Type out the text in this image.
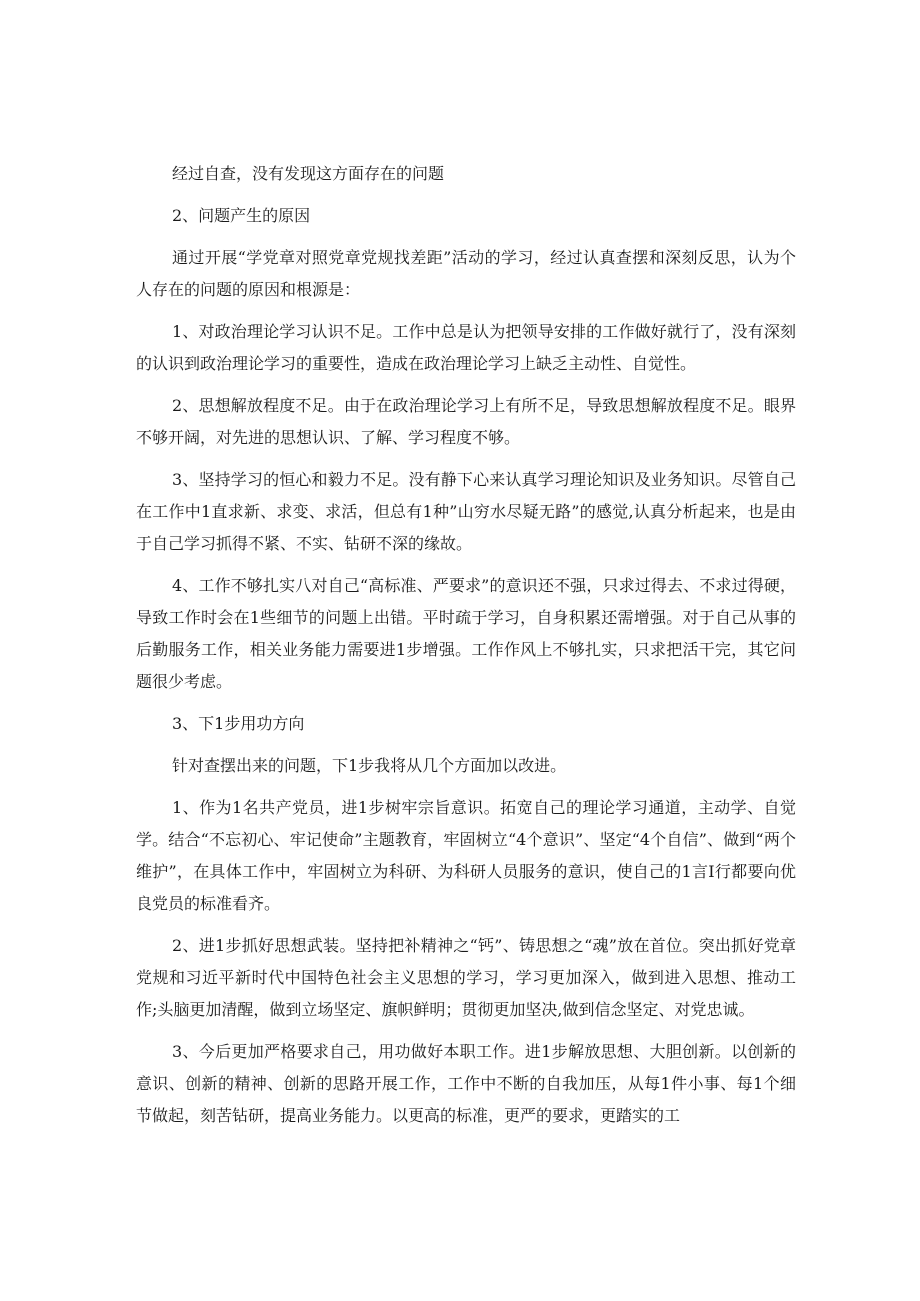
经过自查，没有发现这方面存在的问题

2、问题产生的原因

通过开展“学党章对照党章党规找差距”活动的学习，经过认真查摆和深刻反思，认为个人存在的问题的原因和根源是：

1、对政治理论学习认识不足。工作中总是认为把领导安排的工作做好就行了，没有深刻的认识到政治理论学习的重要性，造成在政治理论学习上缺乏主动性、自觉性。

2、思想解放程度不足。由于在政治理论学习上有所不足，导致思想解放程度不足。眼界不够开阔，对先进的思想认识、了解、学习程度不够。

3、坚持学习的恒心和毅力不足。没有静下心来认真学习理论知识及业务知识。尽管自己在工作中1直求新、求变、求活，但总有1种”山穷水尽疑无路”的感觉,认真分析起来，也是由于自己学习抓得不紧、不实、钻研不深的缘故。

4、工作不够扎实八对自己“高标准、严要求”的意识还不强，只求过得去、不求过得硬，导致工作时会在1些细节的问题上出错。平时疏于学习，自身积累还需增强。对于自己从事的后勤服务工作，相关业务能力需要进1步增强。工作作风上不够扎实，只求把活干完，其它问题很少考虑。

3、下1步用功方向

针对查摆出来的问题，下1步我将从几个方面加以改进。

1、作为1名共产党员，进1步树牢宗旨意识。拓宽自己的理论学习通道，主动学、自觉学。结合“不忘初心、牢记使命”主题教育，牢固树立“4个意识”、坚定“4个自信”、做到“两个维护”，在具体工作中，牢固树立为科研、为科研人员服务的意识，使自己的1言Ⅰ行都要向优良党员的标准看齐。

2、进1步抓好思想武装。坚持把补精神之“钙”、铸思想之“魂”放在首位。突出抓好党章党规和习近平新时代中国特色社会主义思想的学习，学习更加深入，做到进入思想、推动工作;头脑更加清醒，做到立场坚定、旗帜鲜明；贯彻更加坚决,做到信念坚定、对党忠诚。

3、今后更加严格要求自己，用功做好本职工作。进1步解放思想、大胆创新。以创新的意识、创新的精神、创新的思路开展工作，工作中不断的自我加压，从每1件小事、每1个细节做起，刻苦钻研，提高业务能力。以更高的标准，更严的要求，更踏实的工
